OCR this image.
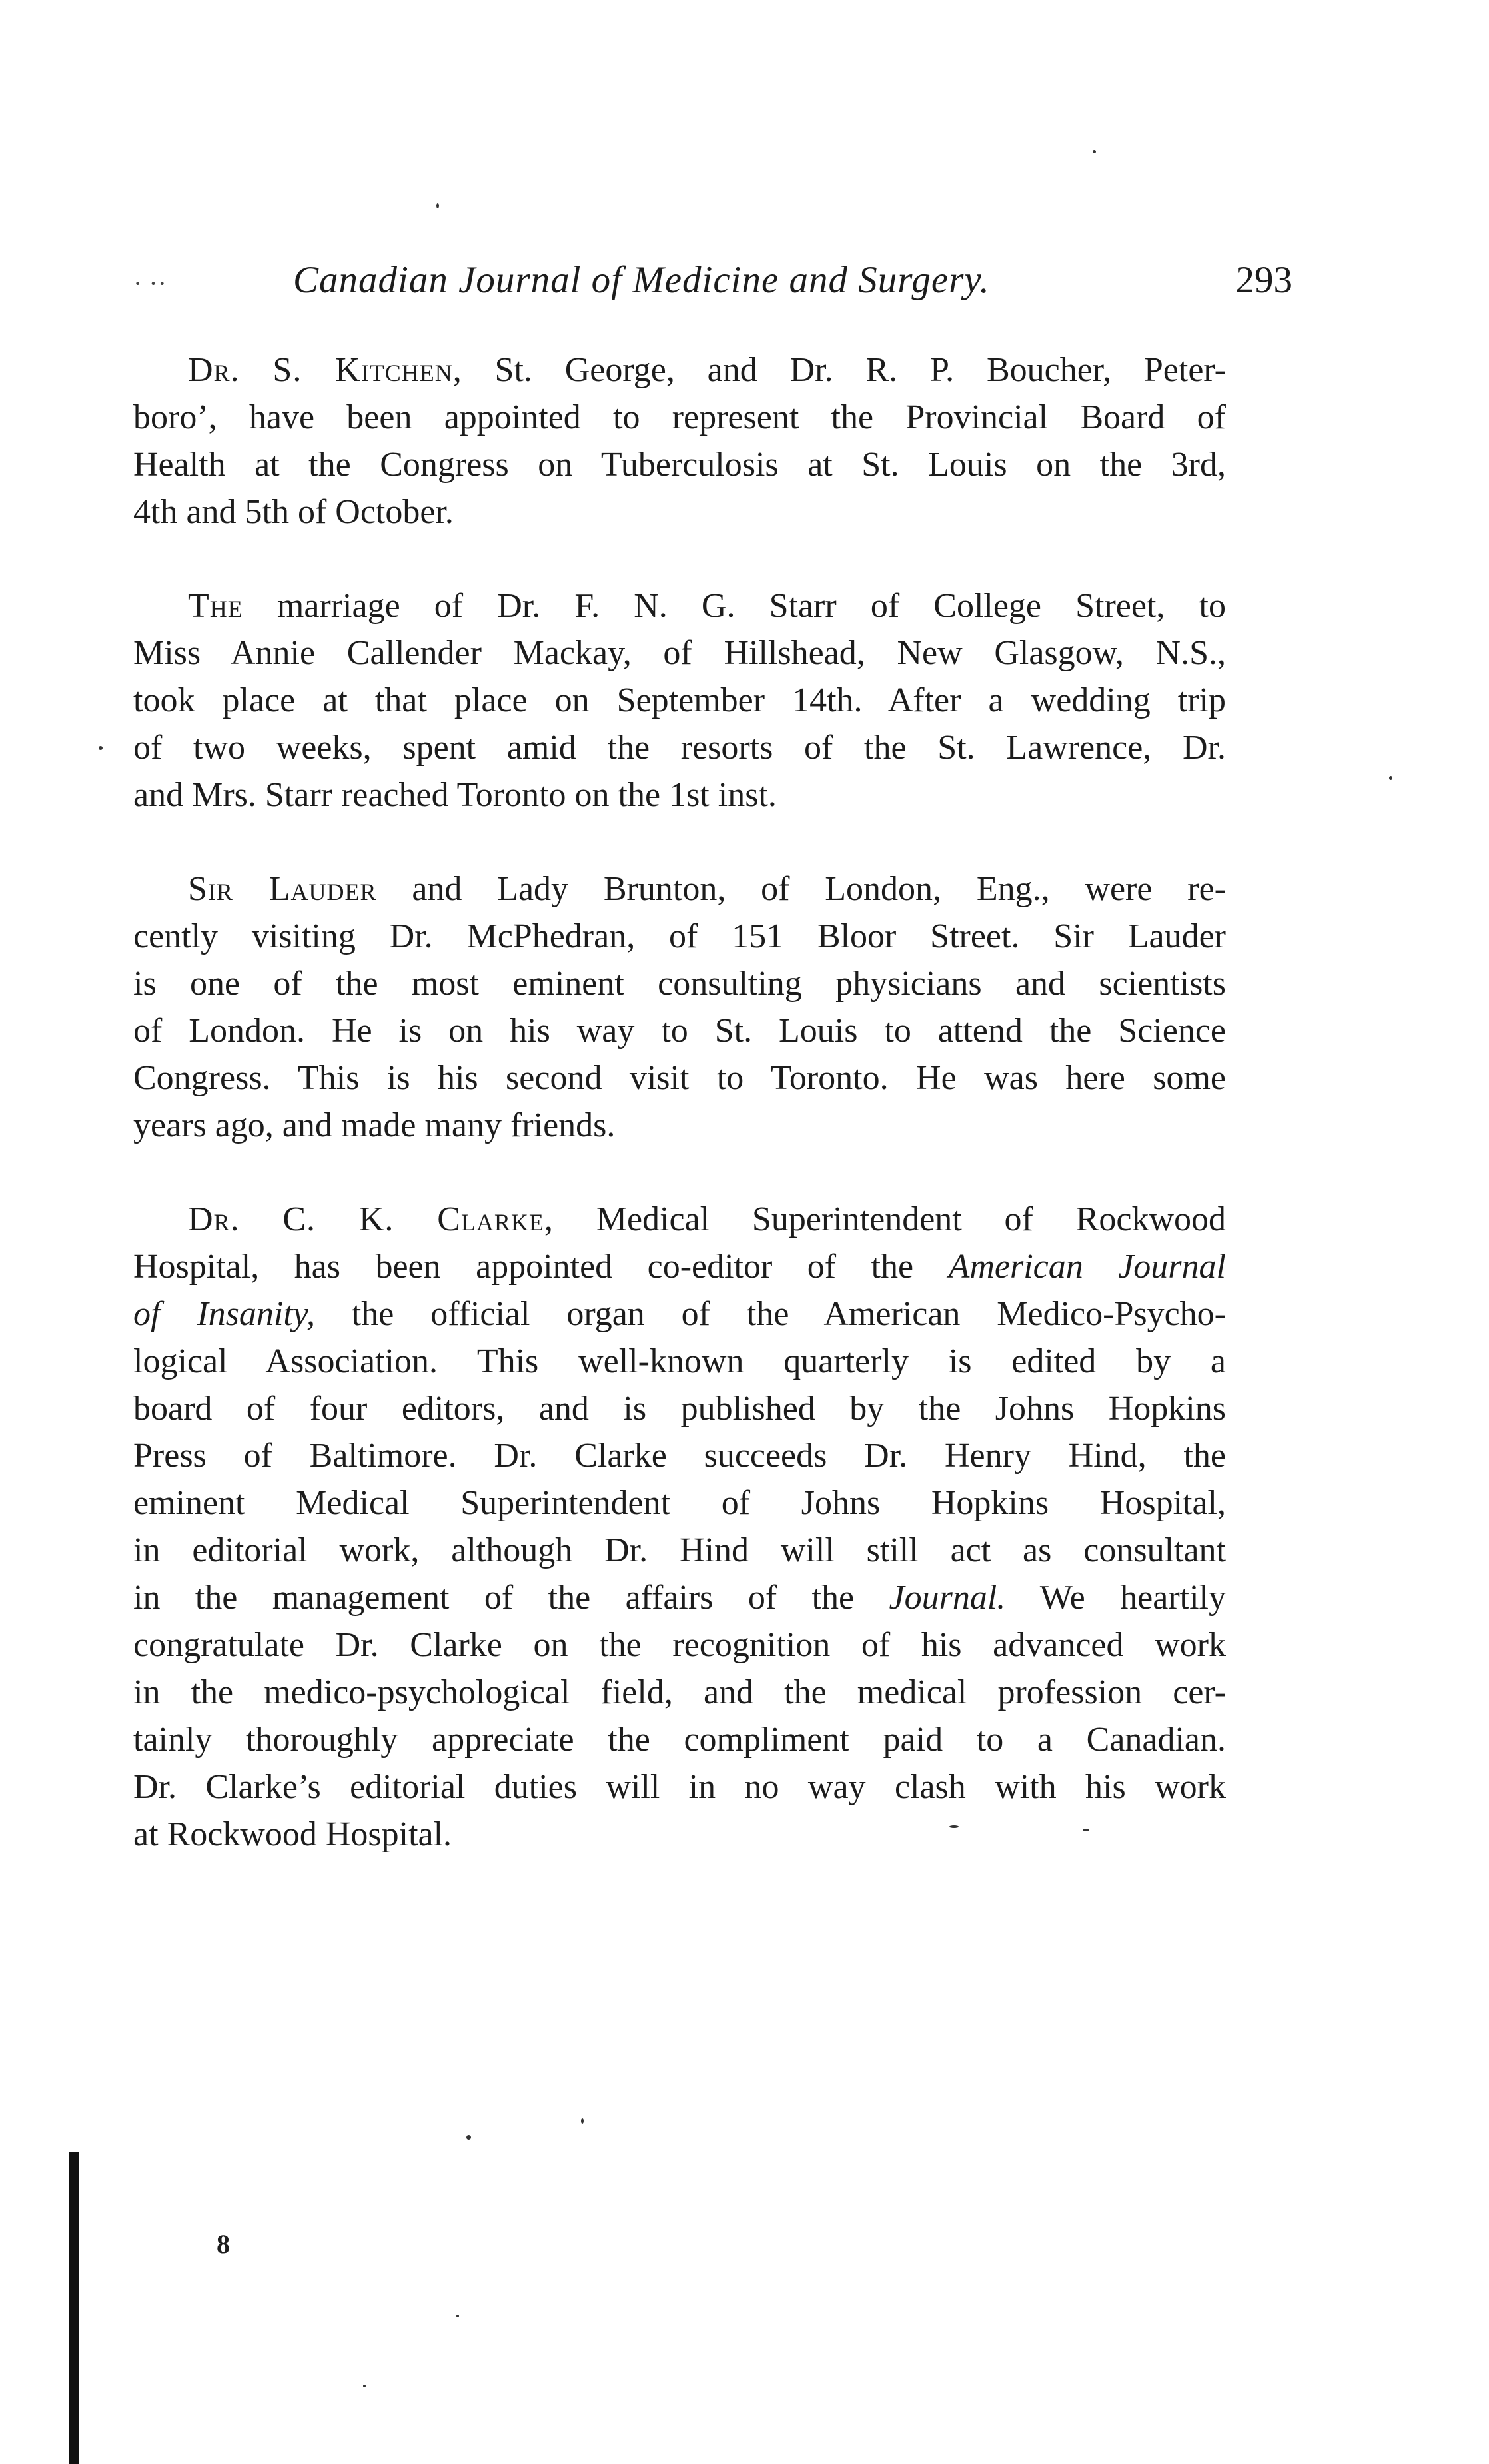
· ··	Canadian Journal of Medicine and Surgery.	293

Dr. S. Kitchen, St. George, and Dr. R. P. Boucher, Peter-
boro’, have been appointed to represent the Provincial Board of
Health at the Congress on Tuberculosis at St. Louis on the 3rd,
4th and 5th of October.

The marriage of Dr. F. N. G. Starr of College Street, to
Miss Annie Callender Mackay, of Hillshead, New Glasgow, N.S.,
took place at that place on September 14th. After a wedding trip
of two weeks, spent amid the resorts of the St. Lawrence, Dr.
and Mrs. Starr reached Toronto on the 1st inst.

Sir Lauder and Lady Brunton, of London, Eng., were re-
cently visiting Dr. McPhedran, of 151 Bloor Street. Sir Lauder
is one of the most eminent consulting physicians and scientists
of London. He is on his way to St. Louis to attend the Science
Congress. This is his second visit to Toronto. He was here some
years ago, and made many friends.

Dr. C. K. Clarke, Medical Superintendent of Rockwood
Hospital, has been appointed co-editor of the American Journal
of Insanity, the official organ of the American Medico-Psycho-
logical Association. This well-known quarterly is edited by a
board of four editors, and is published by the Johns Hopkins
Press of Baltimore. Dr. Clarke succeeds Dr. Henry Hind, the
eminent Medical Superintendent of Johns Hopkins Hospital,
in editorial work, although Dr. Hind will still act as consultant
in the management of the affairs of the Journal. We heartily
congratulate Dr. Clarke on the recognition of his advanced work
in the medico-psychological field, and the medical profession cer-
tainly thoroughly appreciate the compliment paid to a Canadian.
Dr. Clarke’s editorial duties will in no way clash with his work
at Rockwood Hospital.

8
